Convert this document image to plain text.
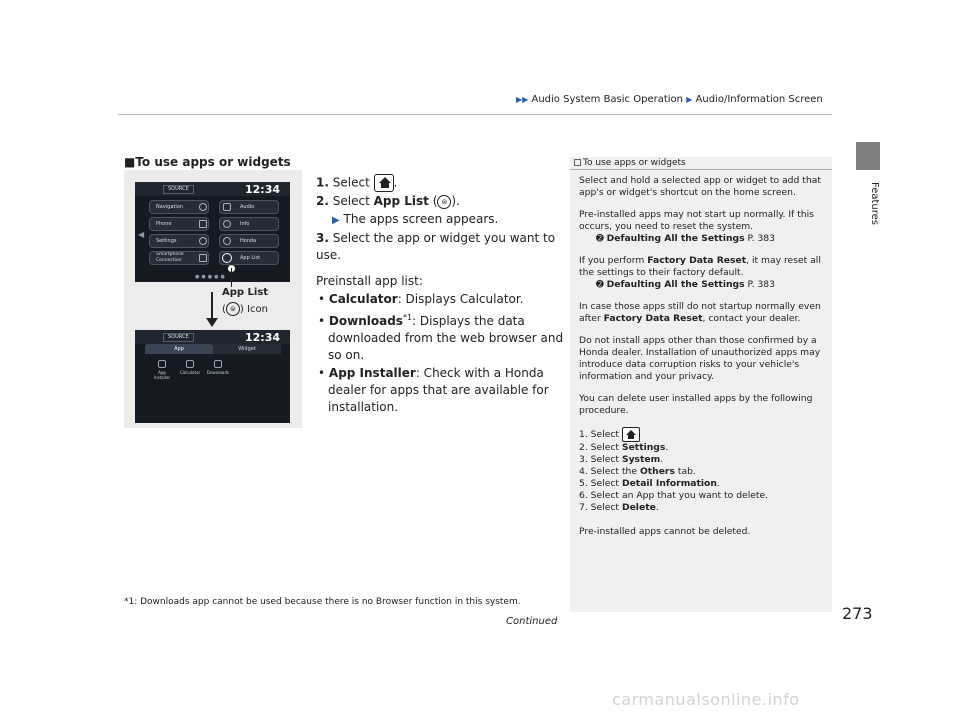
▶▶ Audio System Basic Operation ▶ Audio/Information Screen
Features
■To use apps or widgets
SOURCE	12:34
◀
Navigation	Audio
Phone	Info
Settings	Honda
Smartphone Connection	App List
●●●●●
App List
( ⊜ ) Icon
SOURCE	12:34
App	Widget
App Installer
Calculator Downloads

1. Select .

2. Select App List ( ⊜ ).

▶ The apps screen appears.

3. Select the app or widget you want to use.

Preinstall app list:

• Calculator: Displays Calculator.

• Downloads$^{*1}$: Displays the data downloaded from the web browser and so on.

• App Installer: Check with a Honda dealer for apps that are available for installation.

To use apps or widgets

Select and hold a selected app or widget to add that app's or widget's shortcut on the home screen.

Pre-installed apps may not start up normally. If this occurs, you need to reset the system.
➋ Defaulting All the Settings P. 383

If you perform Factory Data Reset, it may reset all the settings to their factory default.
➋ Defaulting All the Settings P. 383

In case those apps still do not startup normally even after Factory Data Reset, contact your dealer.

Do not install apps other than those confirmed by a Honda dealer. Installation of unauthorized apps may introduce data corruption risks to your vehicle's information and your privacy.

You can delete user installed apps by the following procedure.

1. Select

2. Select Settings.

3. Select System.

4. Select the Others tab.

5. Select Detail Information.

6. Select an App that you want to delete.

7. Select Delete.

Pre-installed apps cannot be deleted.

*1: Downloads app cannot be used because there is no Browser function in this system.
Continued	273
carmanualsonline.info
